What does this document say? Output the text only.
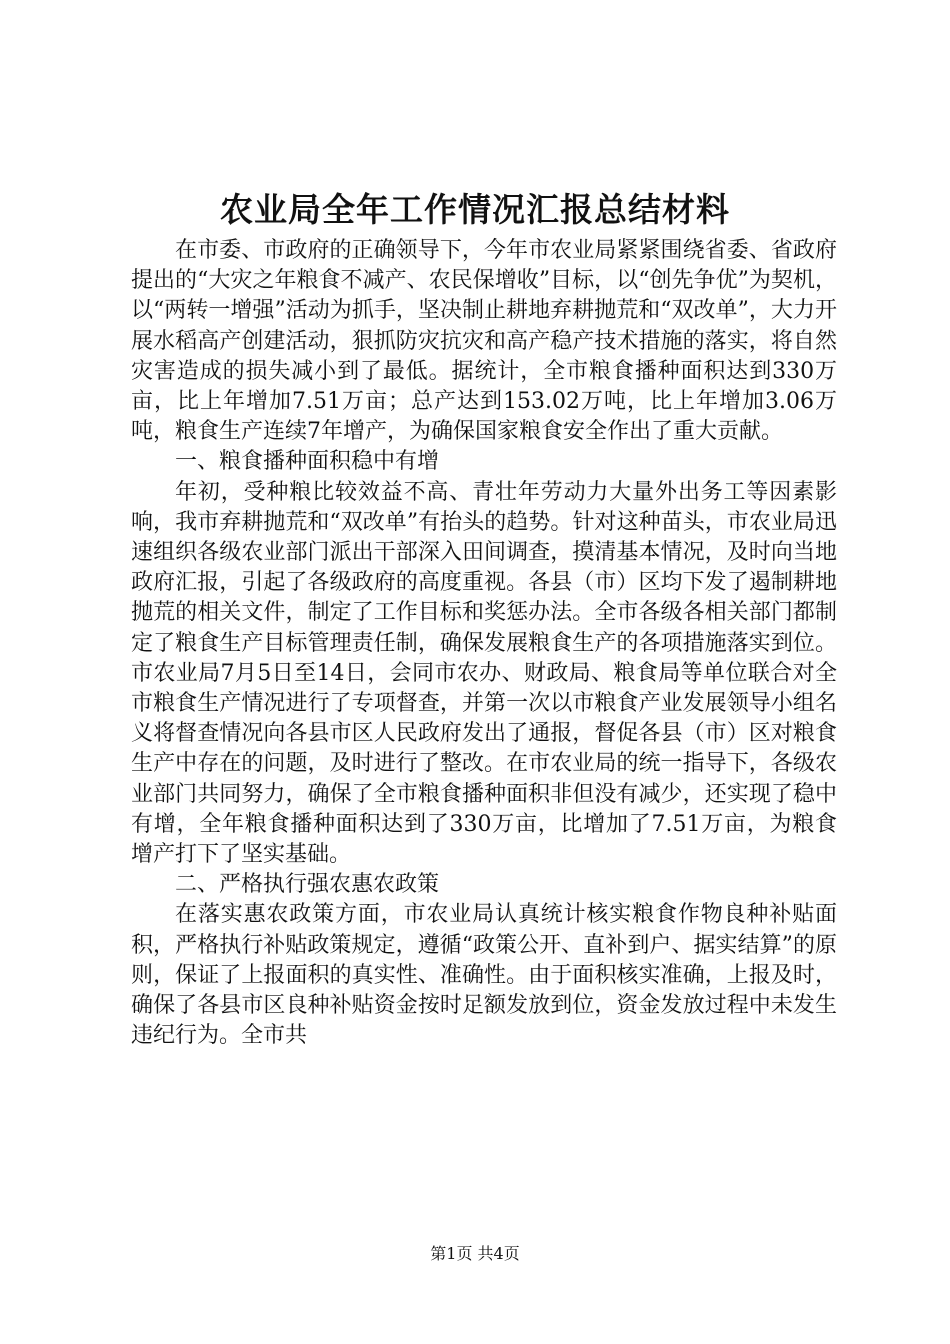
农业局全年工作情况汇报总结材料

在市委、市政府的正确领导下，今年市农业局紧紧围绕省委、省政府提出的“大灾之年粮食不减产、农民保增收”目标，以“创先争优”为契机，以“两转一增强”活动为抓手，坚决制止耕地弃耕抛荒和“双改单”，大力开展水稻高产创建活动，狠抓防灾抗灾和高产稳产技术措施的落实，将自然灾害造成的损失减小到了最低。据统计，全市粮食播种面积达到330万亩，比上年增加7.51万亩；总产达到153.02万吨，比上年增加3.06万吨，粮食生产连续7年增产，为确保国家粮食安全作出了重大贡献。

一、粮食播种面积稳中有增

年初，受种粮比较效益不高、青壮年劳动力大量外出务工等因素影响，我市弃耕抛荒和“双改单”有抬头的趋势。针对这种苗头，市农业局迅速组织各级农业部门派出干部深入田间调查，摸清基本情况，及时向当地政府汇报，引起了各级政府的高度重视。各县（市）区均下发了遏制耕地抛荒的相关文件，制定了工作目标和奖惩办法。全市各级各相关部门都制定了粮食生产目标管理责任制，确保发展粮食生产的各项措施落实到位。市农业局7月5日至14日，会同市农办、财政局、粮食局等单位联合对全市粮食生产情况进行了专项督查，并第一次以市粮食产业发展领导小组名义将督查情况向各县市区人民政府发出了通报，督促各县（市）区对粮食生产中存在的问题，及时进行了整改。在市农业局的统一指导下，各级农业部门共同努力，确保了全市粮食播种面积非但没有减少，还实现了稳中有增，全年粮食播种面积达到了330万亩，比增加了7.51万亩，为粮食增产打下了坚实基础。

二、严格执行强农惠农政策

在落实惠农政策方面，市农业局认真统计核实粮食作物良种补贴面积，严格执行补贴政策规定，遵循“政策公开、直补到户、据实结算”的原则，保证了上报面积的真实性、准确性。由于面积核实准确，上报及时，确保了各县市区良种补贴资金按时足额发放到位，资金发放过程中未发生违纪行为。全市共

第1页 共4页
